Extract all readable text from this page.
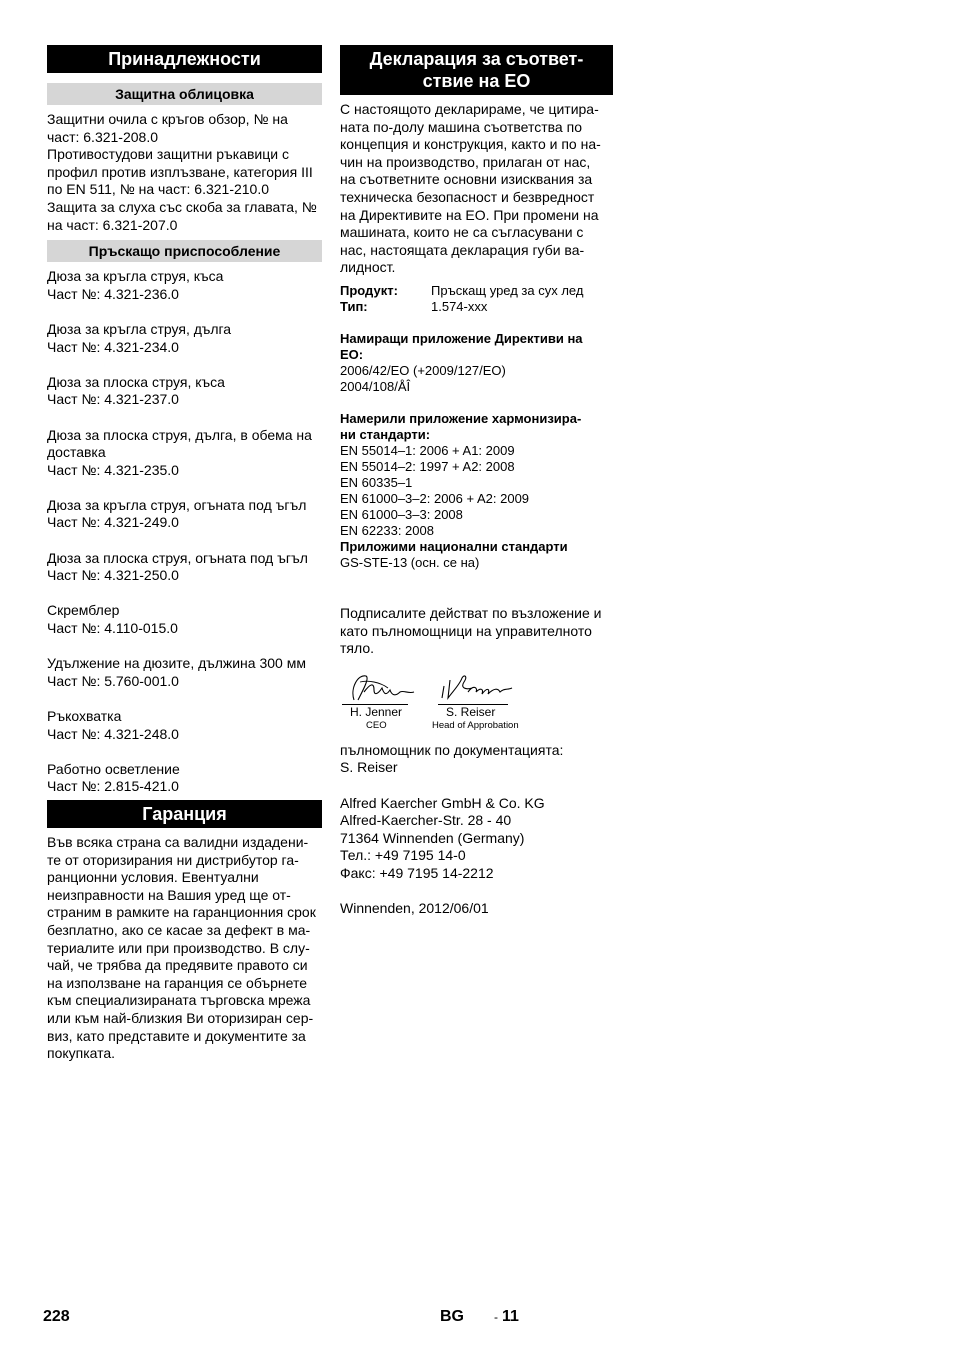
Принадлежности
Защитна облицовка
Защитни очила с кръгов обзор, № на
част: 6.321-208.0
Противостудови защитни ръкавици с
профил против изплъзване, категория III
по EN 511, № на част: 6.321-210.0
Защита за слуха със скоба за главата, №
на част: 6.321-207.0
Пръскащо приспособление
Дюза за кръгла струя, къса
Част №: 4.321-236.0
Дюза за кръгла струя, дълга
Част №: 4.321-234.0
Дюза за плоска струя, къса
Част №: 4.321-237.0
Дюза за плоска струя, дълга, в обема на
доставка
Част №: 4.321-235.0
Дюза за кръгла струя, огъната под ъгъл
Част №: 4.321-249.0
Дюза за плоска струя, огъната под ъгъл
Част №: 4.321-250.0
Скремблер
Част №: 4.110-015.0
Удължение на дюзите, дължина 300 мм
Част №: 5.760-001.0
Ръкохватка
Част №: 4.321-248.0
Работно осветление
Част №: 2.815-421.0
Гаранция
Във всяка страна са валидни издадени-
те от оторизирания ни дистрибутор га-
ранционни условия. Евентуални
неизправности на Вашия уред ще от-
страним в рамките на гаранционния срок
безплатно, ако се касае за дефект в ма-
териалите или при производство. В слу-
чай, че трябва да предявите правото си
на използване на гаранция се обърнете
към специализираната търговска мрежа
или към най-близкия Ви оторизиран сер-
виз, като представите и документите за
покупката.
Декларация за съответ-
ствие на ЕО
С настоящото декларираме, че цитира-
ната по-долу машина съответства по
концепция и конструкция, както и по на-
чин на производство, прилаган от нас,
на съответните основни изисквания за
техническа безопасност и безвредност
на Директивите на ЕО. При промени на
машината, които не са съгласувани с
нас, настоящата декларация губи ва-
лидност.
Продукт:	Пръскащ уред за сух лед
Тип:	1.574-xxx
Намиращи приложение Директиви на
ЕО:
2006/42/ЕО (+2009/127/ЕО)
2004/108/ÅÎ
Намерили приложение хармонизира-
ни стандарти:
EN 55014–1: 2006 + A1: 2009
EN 55014–2: 1997 + A2: 2008
EN 60335–1
EN 61000–3–2: 2006 + A2: 2009
EN 61000–3–3: 2008
EN 62233: 2008
Приложими национални стандарти
GS-STE-13 (осн. се на)
Подписалите действат по възложение и
като пълномощници на управителното
тяло.
H. Jenner
CEO
S. Reiser
Head of Approbation
пълномощник по документацията:
S. Reiser
Alfred Kaercher GmbH & Co. KG
Alfred-Kaercher-Str. 28 - 40
71364 Winnenden (Germany)
Тел.: +49 7195 14-0
Факс: +49 7195 14-2212
Winnenden, 2012/06/01
228	BG	- 11
